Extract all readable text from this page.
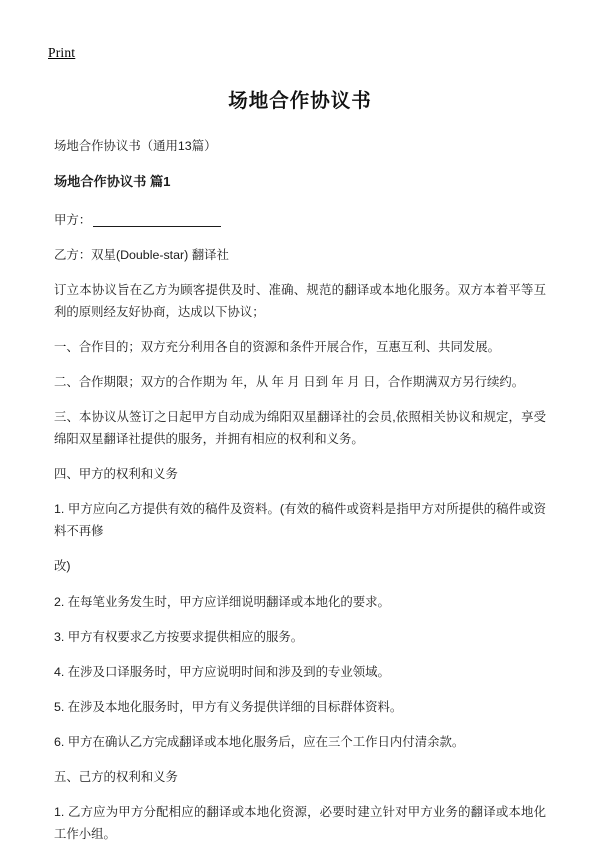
Print
场地合作协议书

场地合作协议书（通用13篇）

场地合作协议书 篇1

甲方：

乙方：双星(Double-star) 翻译社

订立本协议旨在乙方为顾客提供及时、准确、规范的翻译或本地化服务。双方本着平等互利的原则经友好协商，达成以下协议；

一、合作目的；双方充分利用各自的资源和条件开展合作，互惠互利、共同发展。

二、合作期限；双方的合作期为 年，从 年 月 日到 年 月 日，合作期满双方另行续约。

三、本协议从签订之日起甲方自动成为绵阳双星翻译社的会员,依照相关协议和规定，享受绵阳双星翻译社提供的服务，并拥有相应的权利和义务。

四、甲方的权利和义务

1. 甲方应向乙方提供有效的稿件及资料。(有效的稿件或资料是指甲方对所提供的稿件或资料不再修

改)

2. 在每笔业务发生时，甲方应详细说明翻译或本地化的要求。

3. 甲方有权要求乙方按要求提供相应的服务。

4. 在涉及口译服务时，甲方应说明时间和涉及到的专业领域。

5. 在涉及本地化服务时，甲方有义务提供详细的目标群体资料。

6. 甲方在确认乙方完成翻译或本地化服务后，应在三个工作日内付清余款。

五、己方的权利和义务

1. 乙方应为甲方分配相应的翻译或本地化资源，必要时建立针对甲方业务的翻译或本地化工作小组。
